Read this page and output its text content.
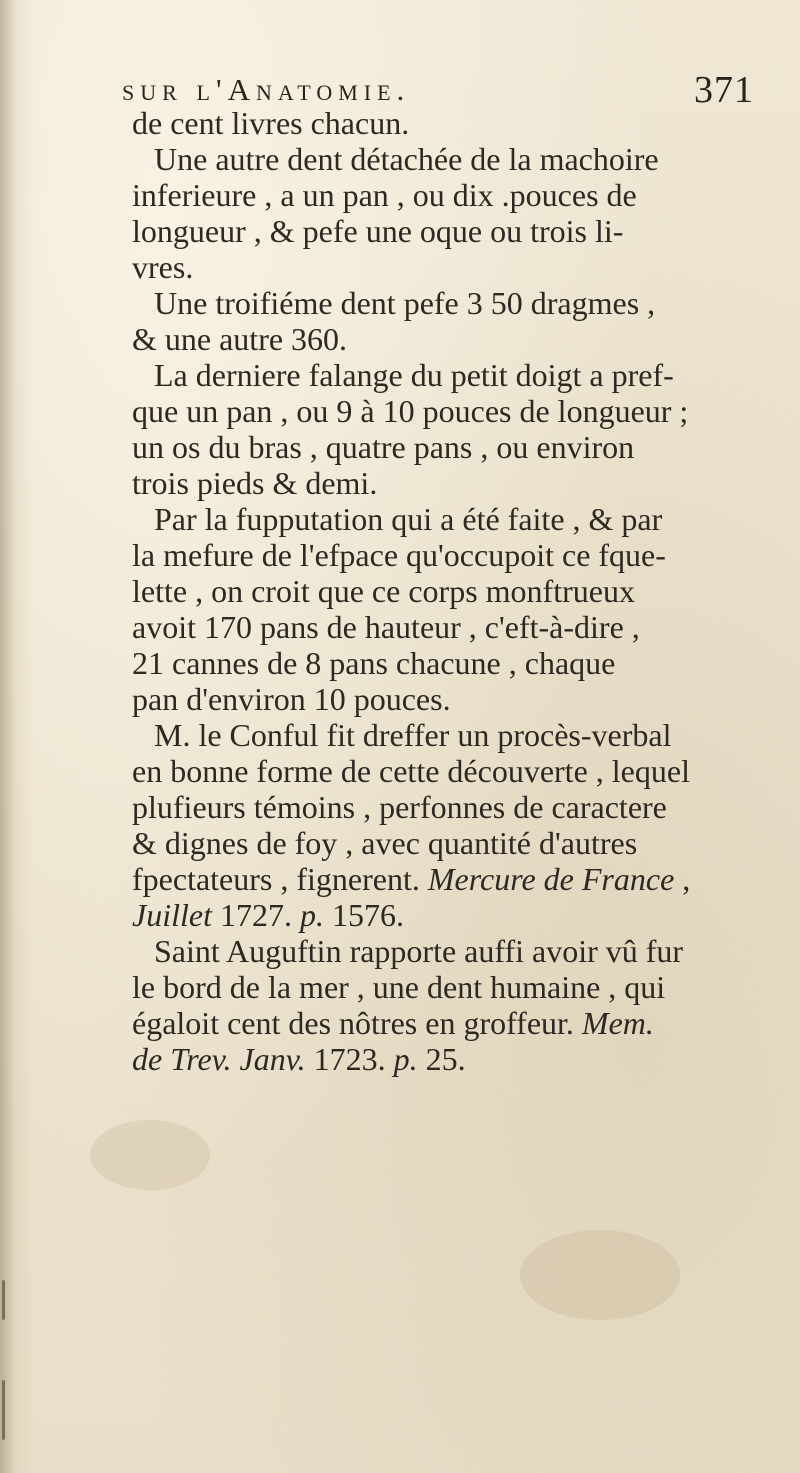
sur l'Anatomie.	371
de cent livres chacun.
Une autre dent détachée de la machoire
inferieure , a un pan , ou dix .pouces de
longueur , & pefe une oque ou trois li-
vres.
Une troifiéme dent pefe 3 50 dragmes ,
& une autre 360.
La derniere falange du petit doigt a pref-
que un pan , ou 9 à 10 pouces de longueur ;
un os du bras , quatre pans , ou environ
trois pieds & demi.
Par la fupputation qui a été faite , & par
la mefure de l'efpace qu'occupoit ce fque-
lette , on croit que ce corps monftrueux
avoit 170 pans de hauteur , c'eft-à-dire ,
21 cannes de 8 pans chacune , chaque
pan d'environ 10 pouces.
M. le Conful fit dreffer un procès-verbal
en bonne forme de cette découverte , lequel
plufieurs témoins , perfonnes de caractere
& dignes de foy , avec quantité d'autres
fpectateurs , fignerent. Mercure de France ,
Juillet 1727. p. 1576.
Saint Auguftin rapporte auffi avoir vû fur
le bord de la mer , une dent humaine , qui
égaloit cent des nôtres en groffeur. Mem.
de Trev. Janv. 1723. p. 25.
